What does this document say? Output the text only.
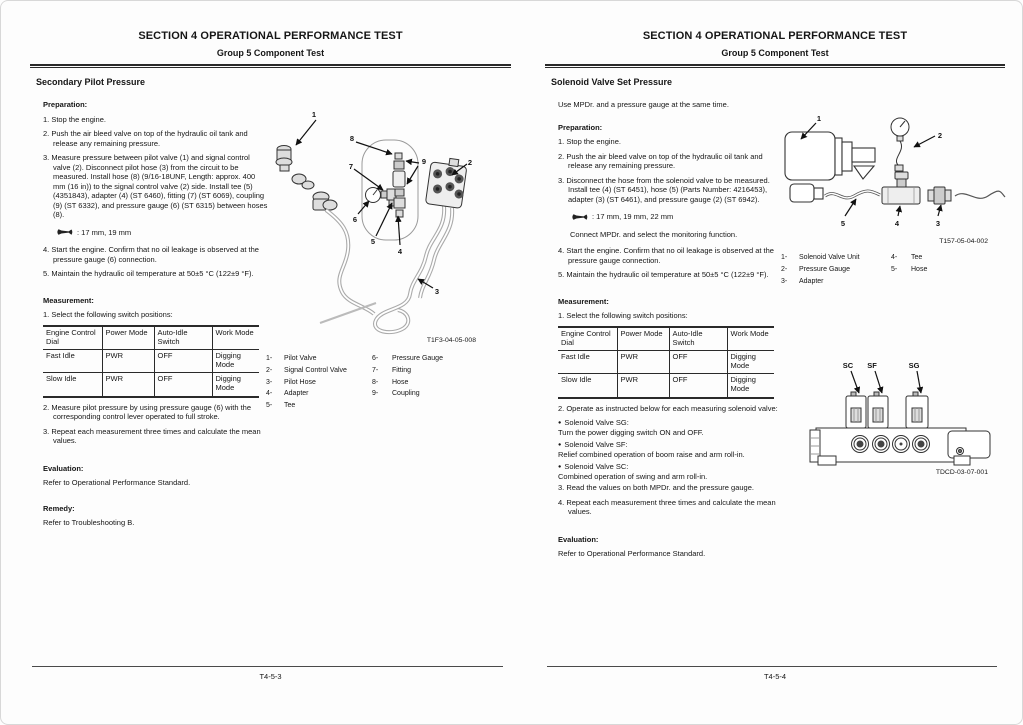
SECTION 4 OPERATIONAL PERFORMANCE TEST
Group 5 Component Test
Secondary Pilot Pressure
Preparation:

1. Stop the engine.

2. Push the air bleed valve on top of the hydraulic oil tank and release any remaining pressure.

3. Measure pressure between pilot valve (1) and signal control valve (2). Disconnect pilot hose (3) from the circuit to be measured. Install hose (8) (9/16-18UNF, Length: approx. 400 mm (16 in)) to the signal control valve (2) side. Install tee (5) (4351843), adapter (4) (ST 6460), fitting (7) (ST 6069), coupling (9) (ST 6332), and pressure gauge (6) (ST 6315) between hoses (8).

: 17 mm, 19 mm

4. Start the engine. Confirm that no oil leakage is observed at the pressure gauge (6) connection.

5. Maintain the hydraulic oil temperature at 50±5 °C (122±9 °F).

Measurement:

1. Select the following switch positions:

Engine Control Dial	Power Mode	Auto-Idle Switch	Work Mode
Fast Idle	PWR	OFF	Digging Mode
Slow Idle	PWR	OFF	Digging Mode

2. Measure pilot pressure by using pressure gauge (6) with the corresponding control lever operated to full stroke.

3. Repeat each measurement three times and calculate the mean values.

Evaluation:

Refer to Operational Performance Standard.

Remedy:

Refer to Troubleshooting B.

1
2
3
4
5
6
7
8
9
T1F3-04-05-008
1-	Pilot Valve	6-	Pressure Gauge
2-	Signal Control Valve	7-	Fitting
3-	Pilot Hose	8-	Hose
4-	Adapter	9-	Coupling
5-	Tee
T4-5-3
SECTION 4 OPERATIONAL PERFORMANCE TEST
Group 5 Component Test
Solenoid Valve Set Pressure

Use MPDr. and a pressure gauge at the same time.

Preparation:

1. Stop the engine.

2. Push the air bleed valve on top of the hydraulic oil tank and release any remaining pressure.

3. Disconnect the hose from the solenoid valve to be measured. Install tee (4) (ST 6451), hose (5) (Parts Number: 4216453), adapter (3) (ST 6461), and pressure gauge (2) (ST 6942).

: 17 mm, 19 mm, 22 mm

Connect MPDr. and select the monitoring function.

4. Start the engine. Confirm that no oil leakage is observed at the pressure gauge connection.

5. Maintain the hydraulic oil temperature at 50±5 °C (122±9 °F).

Measurement:

1. Select the following switch positions:

Engine Control Dial	Power Mode	Auto-Idle Switch	Work Mode
Fast Idle	PWR	OFF	Digging Mode
Slow Idle	PWR	OFF	Digging Mode

2. Operate as instructed below for each measuring solenoid valve:

● Solenoid Valve SG:

Turn the power digging switch ON and OFF.

● Solenoid Valve SF:

Relief combined operation of boom raise and arm roll-in.

● Solenoid Valve SC:

Combined operation of swing and arm roll-in.

3. Read the values on both MPDr. and the pressure gauge.

4. Repeat each measurement three times and calculate the mean values.

Evaluation:

Refer to Operational Performance Standard.

1
2
3
4
5
T157-05-04-002
1-	Solenoid Valve Unit	4-	Tee
2-	Pressure Gauge	5-	Hose
3-	Adapter
SC SF	SG
TDCD-03-07-001
T4-5-4
